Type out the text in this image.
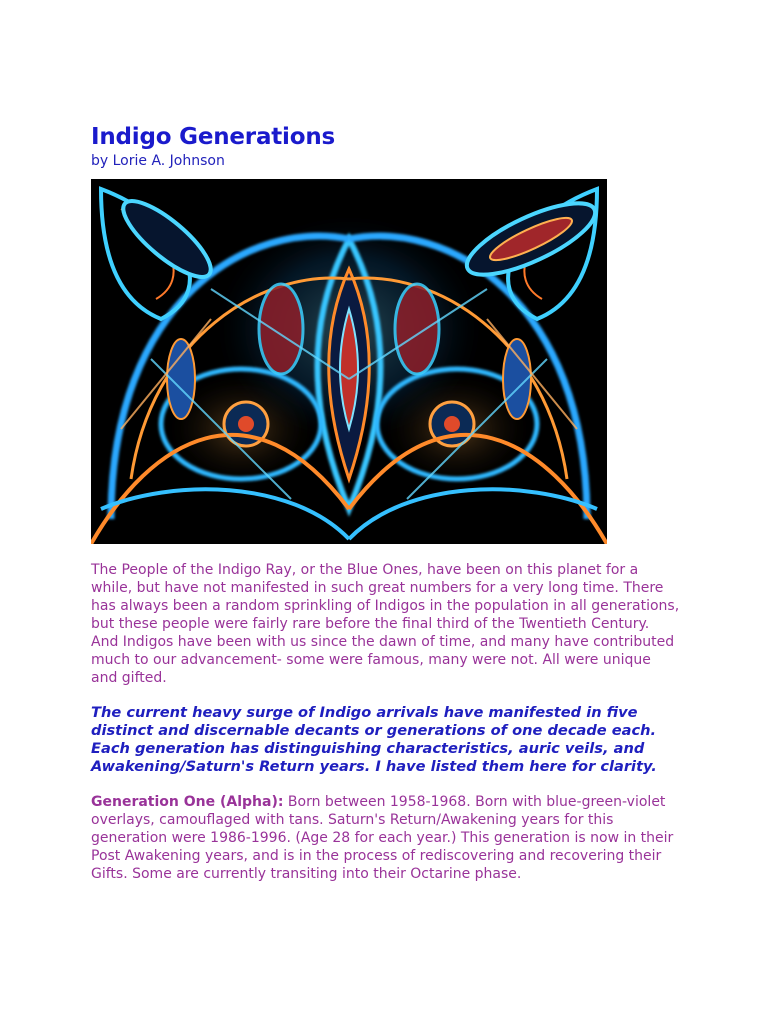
Indigo Generations

by Lorie A. Johnson

The People of the Indigo Ray, or the Blue Ones, have been on this planet for a while, but have not manifested in such great numbers for a very long time. There has always been a random sprinkling of Indigos in the population in all generations, but these people were fairly rare before the final third of the Twentieth Century. And Indigos have been with us since the dawn of time, and many have contributed much to our advancement- some were famous, many were not. All were unique and gifted.

The current heavy surge of Indigo arrivals have manifested in five distinct and discernable decants or generations of one decade each. Each generation has distinguishing characteristics, auric veils, and Awakening/Saturn's Return years. I have listed them here for clarity.

Generation One (Alpha): Born between 1958-1968. Born with blue-green-violet overlays, camouflaged with tans. Saturn's Return/Awakening years for this generation were 1986-1996. (Age 28 for each year.) This generation is now in their Post Awakening years, and is in the process of rediscovering and recovering their Gifts. Some are currently transiting into their Octarine phase.
